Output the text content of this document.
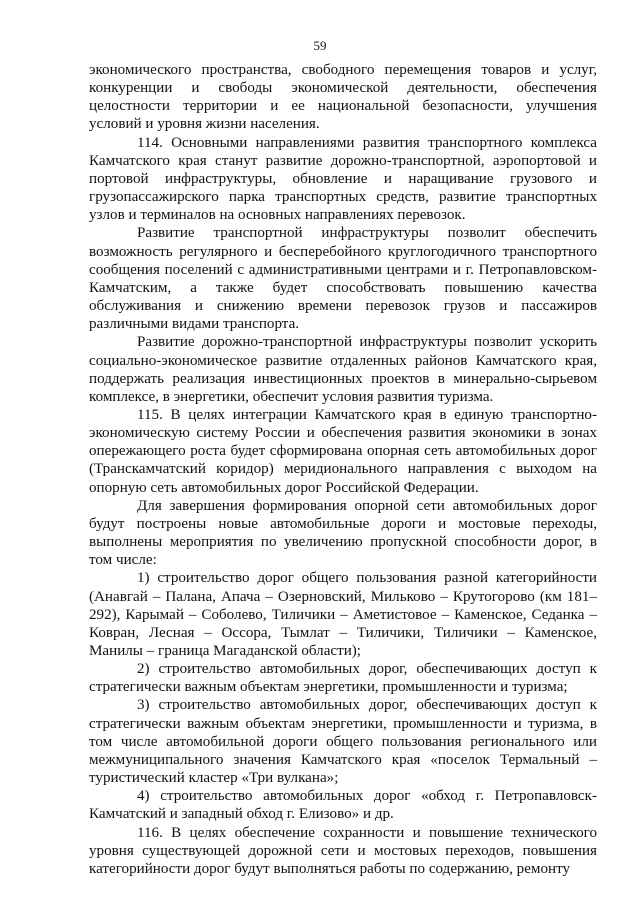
59

экономического пространства, свободного перемещения товаров и услуг, конкуренции и свободы экономической деятельности, обеспечения целостности территории и ее национальной безопасности, улучшения условий и уровня жизни населения.

114. Основными направлениями развития транспортного комплекса Камчатского края станут развитие дорожно-транспортной, аэропортовой и портовой инфраструктуры, обновление и наращивание грузового и грузопассажирского парка транспортных средств, развитие транспортных узлов и терминалов на основных направлениях перевозок.

Развитие транспортной инфраструктуры позволит обеспечить возможность регулярного и бесперебойного круглогодичного транспортного сообщения поселений с административными центрами и г. Петропавловском-Камчатским, а также будет способствовать повышению качества обслуживания и снижению времени перевозок грузов и пассажиров различными видами транспорта.

Развитие дорожно-транспортной инфраструктуры позволит ускорить социально-экономическое развитие отдаленных районов Камчатского края, поддержать реализация инвестиционных проектов в минерально-сырьевом комплексе, в энергетики, обеспечит условия развития туризма.

115. В целях интеграции Камчатского края в единую транспортно-экономическую систему России и обеспечения развития экономики в зонах опережающего роста будет сформирована опорная сеть автомобильных дорог (Транскамчатский коридор) меридионального направления с выходом на опорную сеть автомобильных дорог Российской Федерации.

Для завершения формирования опорной сети автомобильных дорог будут построены новые автомобильные дороги и мостовые переходы, выполнены мероприятия по увеличению пропускной способности дорог, в том числе:

1) строительство дорог общего пользования разной категорийности (Анавгай – Палана, Апача – Озерновский, Мильково – Крутогорово (км 181–292), Карымай – Соболево, Тиличики – Аметистовое – Каменское, Седанка – Ковран, Лесная – Оссора, Тымлат – Тиличики, Тиличики – Каменское, Манилы – граница Магаданской области);

2) строительство автомобильных дорог, обеспечивающих доступ к стратегически важным объектам энергетики, промышленности и туризма;

3) строительство автомобильных дорог, обеспечивающих доступ к стратегически важным объектам энергетики, промышленности и туризма, в том числе автомобильной дороги общего пользования регионального или межмуниципального значения Камчатского края «поселок Термальный – туристический кластер «Три вулкана»;

4) строительство автомобильных дорог «обход г. Петропавловск-Камчатский и западный обход г. Елизово» и др.

116. В целях обеспечение сохранности и повышение технического уровня существующей дорожной сети и мостовых переходов, повышения категорийности дорог будут выполняться работы по содержанию, ремонту
